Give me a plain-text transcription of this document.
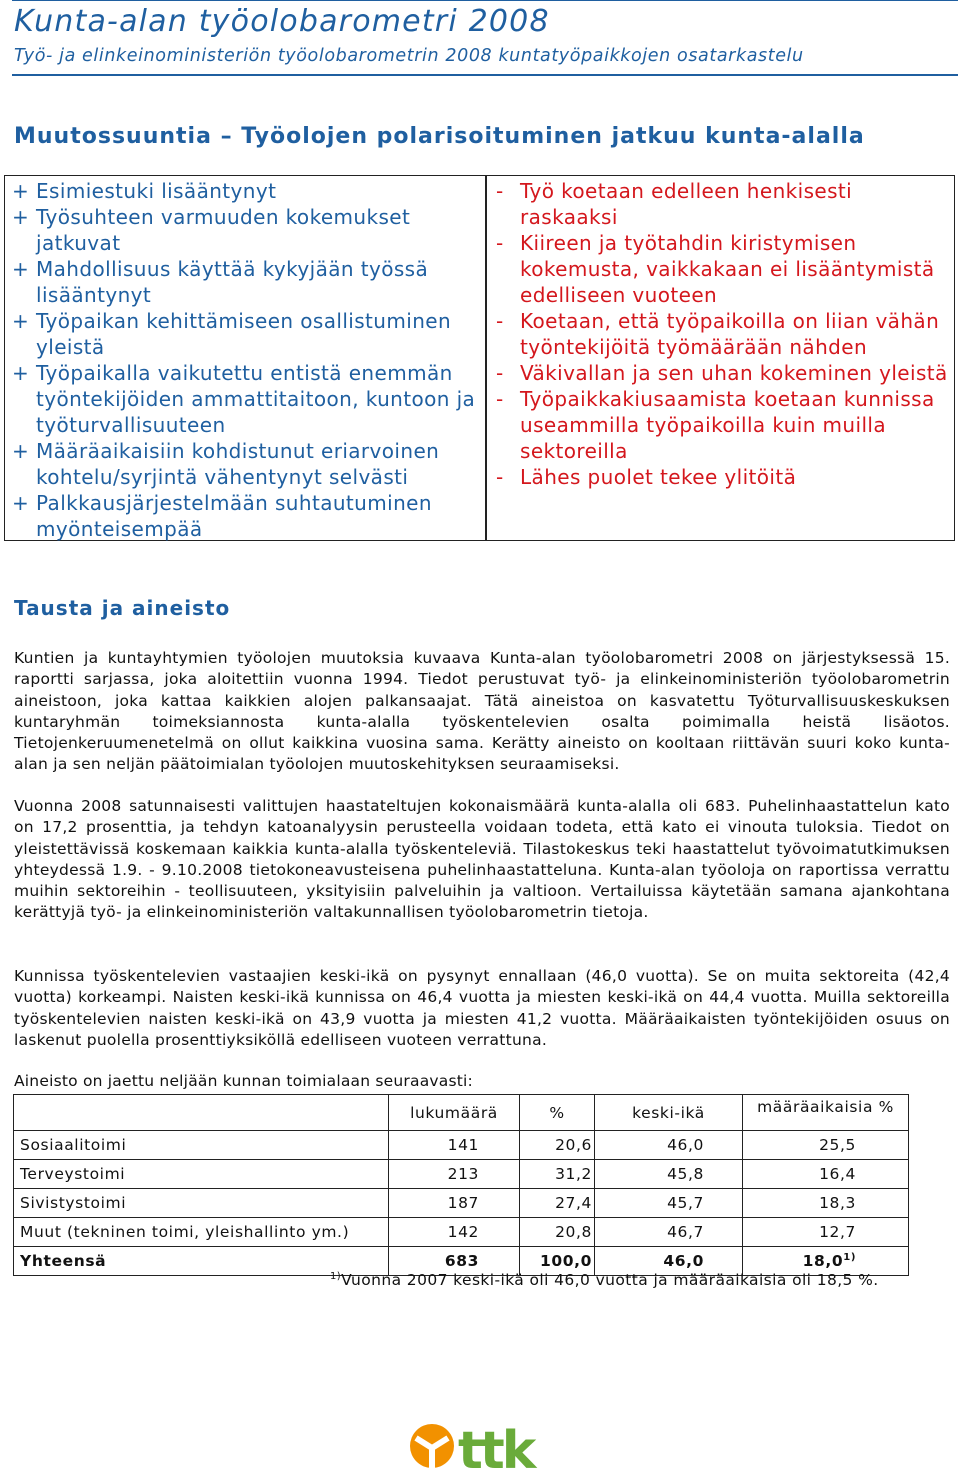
Kunta-alan työolobarometri 2008
Työ- ja elinkeinoministeriön työolobarometrin 2008 kuntatyöpaikkojen osatarkastelu
Muutossuuntia – Työolojen polarisoituminen jatkuu kunta-alalla
+ Esimiestuki lisääntynyt
+ Työsuhteen varmuuden kokemukset jatkuvat
+ Mahdollisuus käyttää kykyjään työssä lisääntynyt
+ Työpaikan kehittämiseen osallistuminen yleistä
+ Työpaikalla vaikutettu entistä enemmän työntekijöiden ammattitaitoon, kuntoon ja työturvallisuuteen
+ Määräaikaisiin kohdistunut eriarvoinen kohtelu/syrjintä vähentynyt selvästi
+ Palkkausjärjestelmään suhtautuminen myönteisempää
- Työ koetaan edelleen henkisesti raskaaksi
- Kiireen ja työtahdin kiristymisen kokemusta, vaikkakaan ei lisääntymistä edelliseen vuoteen
- Koetaan, että työpaikoilla on liian vähän työntekijöitä työmäärään nähden
- Väkivallan ja sen uhan kokeminen yleistä
- Työpaikkakiusaamista koetaan kunnissa useammilla työpaikoilla kuin muilla sektoreilla
- Lähes puolet tekee ylitöitä
Tausta ja aineisto

Kuntien ja kuntayhtymien työolojen muutoksia kuvaava Kunta-alan työolobarometri 2008 on järjestyksessä 15. raportti sarjassa, joka aloitettiin vuonna 1994. Tiedot perustuvat työ- ja elinkeinoministeriön työolobarometrin aineistoon, joka kattaa kaikkien alojen palkansaajat. Tätä aineistoa on kasvatettu Työturvallisuuskeskuksen kuntaryhmän toimeksiannosta kunta-alalla työskentelevien osalta poimimalla heistä lisäotos. Tietojenkeruumenetelmä on ollut kaikkina vuosina sama. Kerätty aineisto on kooltaan riittävän suuri koko kunta-alan ja sen neljän päätoimialan työolojen muutoskehityksen seuraamiseksi.

Vuonna 2008 satunnaisesti valittujen haastateltujen kokonaismäärä kunta-alalla oli 683. Puhelinhaastattelun kato on 17,2 prosenttia, ja tehdyn katoanalyysin perusteella voidaan todeta, että kato ei vinouta tuloksia. Tiedot on yleistettävissä koskemaan kaikkia kunta-alalla työskenteleviä. Tilastokeskus teki haastattelut työvoimatutkimuksen yhteydessä 1.9. - 9.10.2008 tietokoneavusteisena puhelinhaastatteluna. Kunta-alan työoloja on raportissa verrattu muihin sektoreihin - teollisuuteen, yksityisiin palveluihin ja valtioon. Vertailuissa käytetään samana ajankohtana kerättyjä työ- ja elinkeinoministeriön valtakunnallisen työolobarometrin tietoja.

Kunnissa työskentelevien vastaajien keski-ikä on pysynyt ennallaan (46,0 vuotta). Se on muita sektoreita (42,4 vuotta) korkeampi. Naisten keski-ikä kunnissa on 46,4 vuotta ja miesten keski-ikä on 44,4 vuotta. Muilla sektoreilla työskentelevien naisten keski-ikä on 43,9 vuotta ja miesten 41,2 vuotta. Määräaikaisten työntekijöiden osuus on laskenut puolella prosenttiyksiköllä edelliseen vuoteen verrattuna.

Aineisto on jaettu neljään kunnan toimialaan seuraavasti:
	lukumäärä	%	keski-ikä	määräaikaisia %
Sosiaalitoimi	141	20,6	46,0	25,5
Terveystoimi	213	31,2	45,8	16,4
Sivistystoimi	187	27,4	45,7	18,3
Muut (tekninen toimi, yleishallinto ym.)	142	20,8	46,7	12,7
Yhteensä	683	100,0	46,0	18,0$^{1)}$
$^{1)}$Vuonna 2007 keski-ikä oli 46,0 vuotta ja määräaikaisia oli 18,5 %.
ttk
